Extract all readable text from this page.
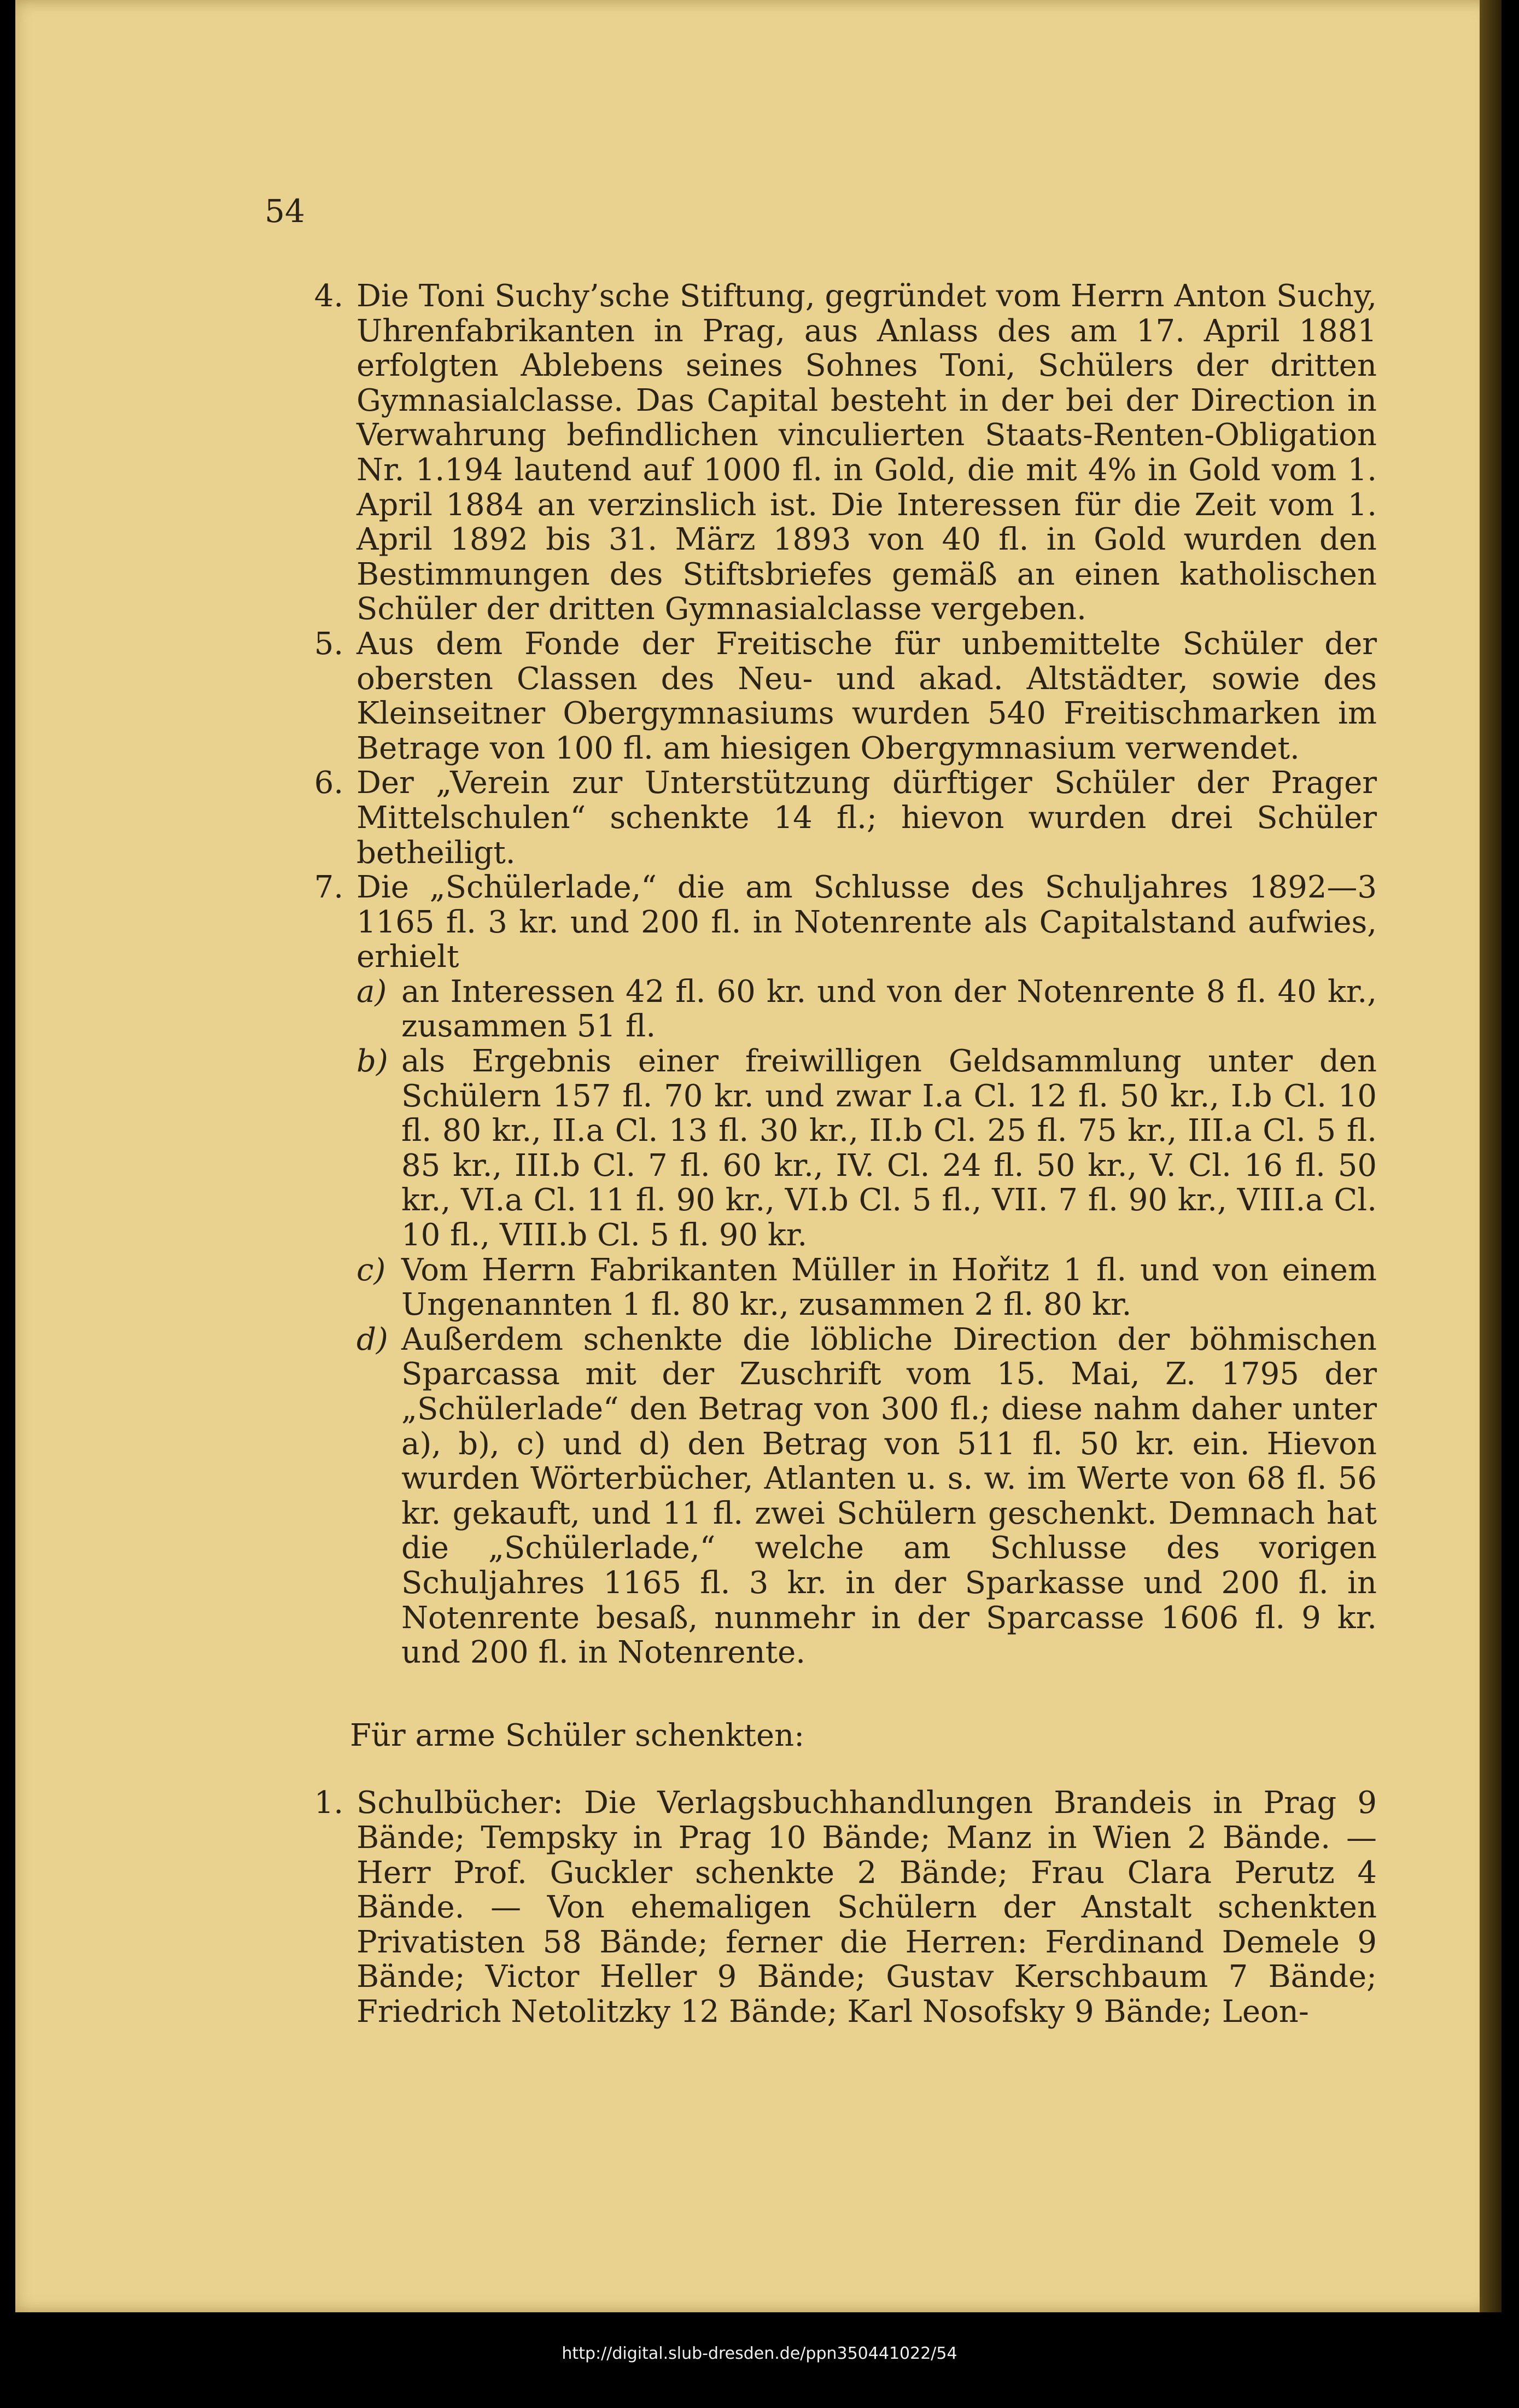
54
4. Die Toni Suchy’sche Stiftung, gegründet vom Herrn Anton Suchy, Uhrenfabrikanten in Prag, aus Anlass des am 17. April 1881 erfolgten Ablebens seines Sohnes Toni, Schülers der dritten Gymnasialclasse. Das Capital besteht in der bei der Direction in Verwahrung befindlichen vinculierten Staats-Renten-Obligation Nr. 1.194 lautend auf 1000 fl. in Gold, die mit 4% in Gold vom 1. April 1884 an verzinslich ist. Die Interessen für die Zeit vom 1. April 1892 bis 31. März 1893 von 40 fl. in Gold wurden den Bestimmungen des Stiftsbriefes gemäß an einen katholischen Schüler der dritten Gymnasialclasse vergeben.

5. Aus dem Fonde der Freitische für unbemittelte Schüler der obersten Classen des Neu- und akad. Altstädter, sowie des Kleinseitner Obergymnasiums wurden 540 Freitischmarken im Betrage von 100 fl. am hiesigen Obergymnasium verwendet.

6. Der „Verein zur Unterstützung dürftiger Schüler der Prager Mittelschulen“ schenkte 14 fl.; hievon wurden drei Schüler betheiligt.

7. Die „Schülerlade,“ die am Schlusse des Schuljahres 1892—3 1165 fl. 3 kr. und 200 fl. in Notenrente als Capitalstand aufwies, erhielt

a) an Interessen 42 fl. 60 kr. und von der Notenrente 8 fl. 40 kr., zusammen 51 fl.

b) als Ergebnis einer freiwilligen Geldsammlung unter den Schülern 157 fl. 70 kr. und zwar I.a Cl. 12 fl. 50 kr., I.b Cl. 10 fl. 80 kr., II.a Cl. 13 fl. 30 kr., II.b Cl. 25 fl. 75 kr., III.a Cl. 5 fl. 85 kr., III.b Cl. 7 fl. 60 kr., IV. Cl. 24 fl. 50 kr., V. Cl. 16 fl. 50 kr., VI.a Cl. 11 fl. 90 kr., VI.b Cl. 5 fl., VII. 7 fl. 90 kr., VIII.a Cl. 10 fl., VIII.b Cl. 5 fl. 90 kr.

c) Vom Herrn Fabrikanten Müller in Hořitz 1 fl. und von einem Ungenannten 1 fl. 80 kr., zusammen 2 fl. 80 kr.

d) Außerdem schenkte die löbliche Direction der böhmischen Sparcassa mit der Zuschrift vom 15. Mai, Z. 1795 der „Schülerlade“ den Betrag von 300 fl.; diese nahm daher unter a), b), c) und d) den Betrag von 511 fl. 50 kr. ein. Hievon wurden Wörterbücher, Atlanten u. s. w. im Werte von 68 fl. 56 kr. gekauft, und 11 fl. zwei Schülern geschenkt. Demnach hat die „Schülerlade,“ welche am Schlusse des vorigen Schuljahres 1165 fl. 3 kr. in der Sparkasse und 200 fl. in Notenrente besaß, nunmehr in der Sparcasse 1606 fl. 9 kr. und 200 fl. in Notenrente.

Für arme Schüler schenkten:
1. Schulbücher: Die Verlagsbuchhandlungen Brandeis in Prag 9 Bände; Tempsky in Prag 10 Bände; Manz in Wien 2 Bände. — Herr Prof. Guckler schenkte 2 Bände; Frau Clara Perutz 4 Bände. — Von ehemaligen Schülern der Anstalt schenkten Privatisten 58 Bände; ferner die Herren: Ferdinand Demele 9 Bände; Victor Heller 9 Bände; Gustav Kerschbaum 7 Bände; Friedrich Netolitzky 12 Bände; Karl Nosofsky 9 Bände; Leon-

http://digital.slub-dresden.de/ppn350441022/54
